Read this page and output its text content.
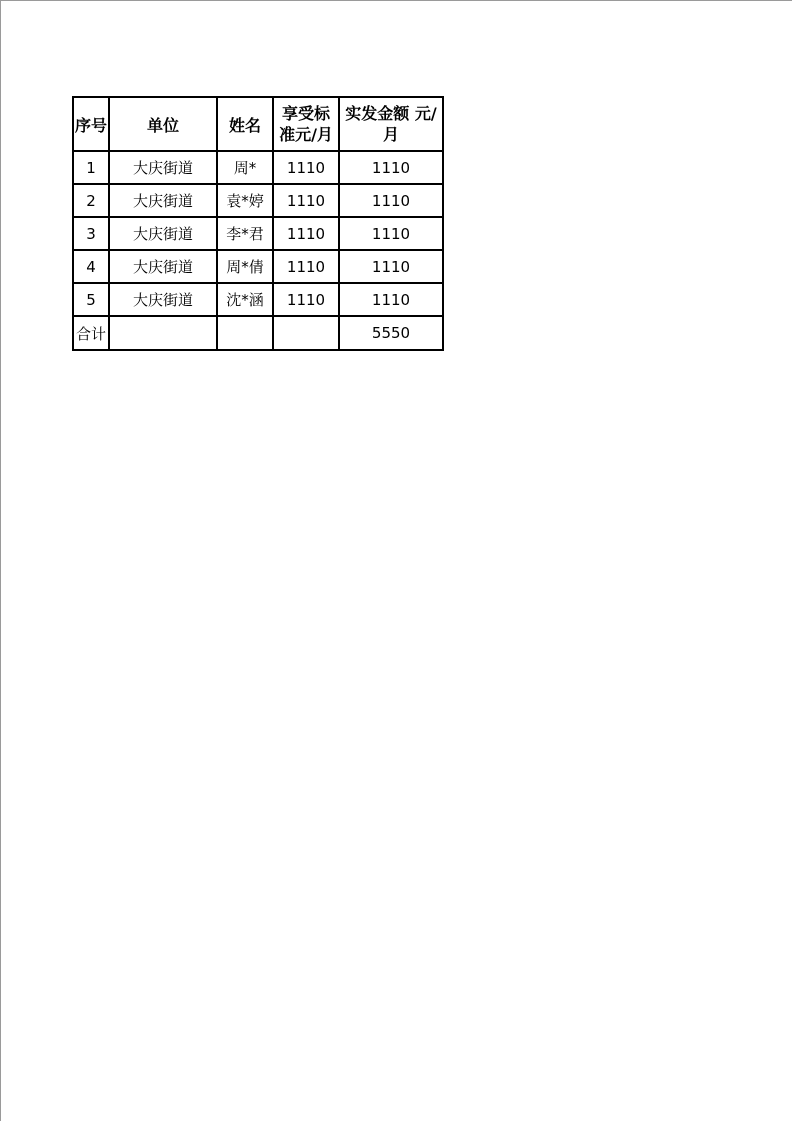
序号	单位	姓名	享受标准元/月	实发金额 元/月
1	大庆街道	周*	1110	1110
2	大庆街道	袁*婷	1110	1110
3	大庆街道	李*君	1110	1110
4	大庆街道	周*倩	1110	1110
5	大庆街道	沈*涵	1110	1110
合计				5550
